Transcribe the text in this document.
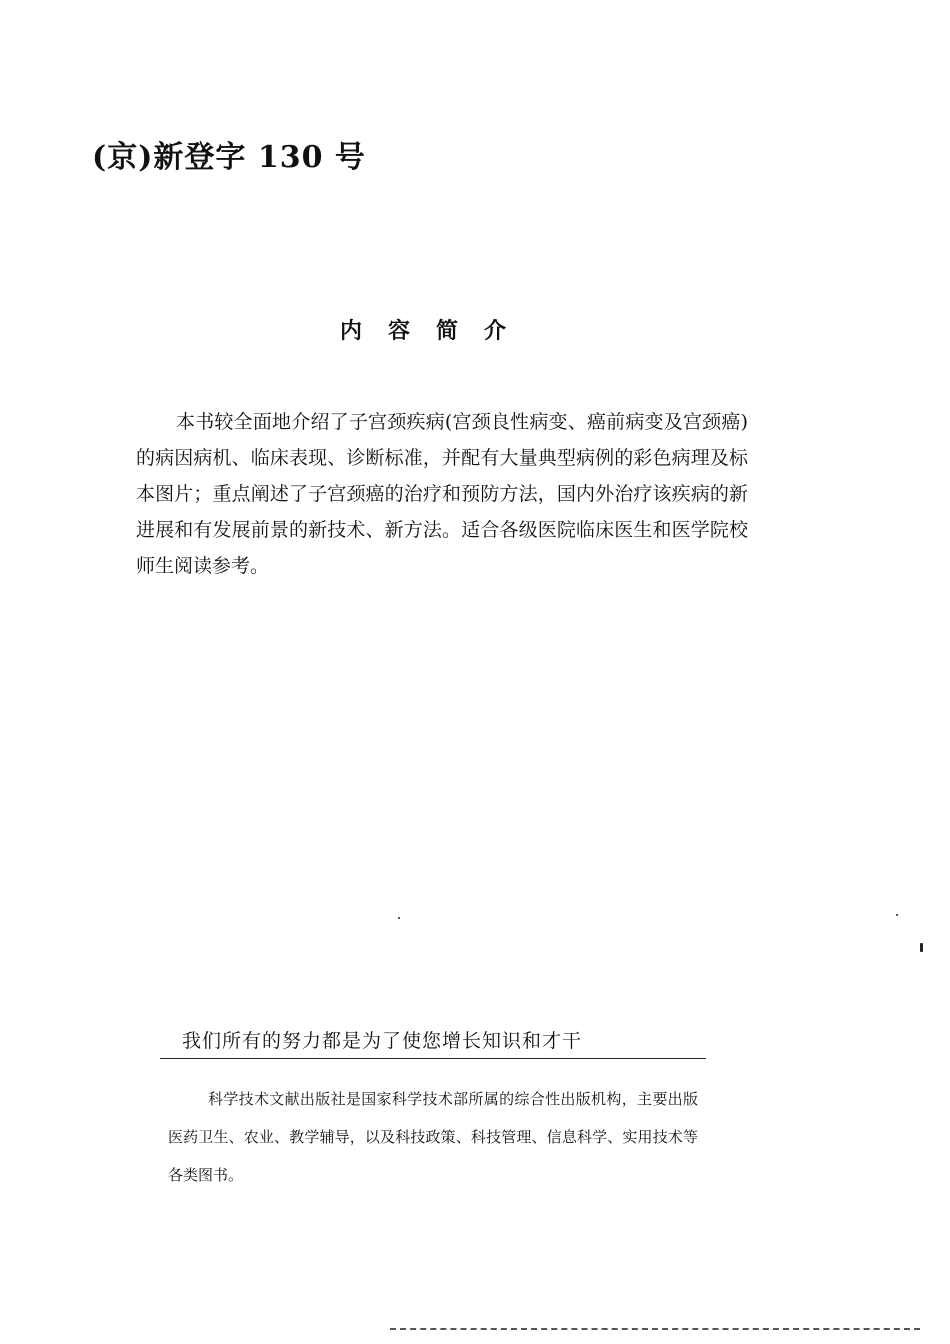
(京)新登字 130 号
内容简介

本书较全面地介绍了子宫颈疾病(宫颈良性病变、癌前病变及宫颈癌)的病因病机、临床表现、诊断标准，并配有大量典型病例的彩色病理及标本图片；重点阐述了子宫颈癌的治疗和预防方法，国内外治疗该疾病的新进展和有发展前景的新技术、新方法。适合各级医院临床医生和医学院校师生阅读参考。

我们所有的努力都是为了使您增长知识和才干

科学技术文献出版社是国家科学技术部所属的综合性出版机构，主要出版医药卫生、农业、教学辅导，以及科技政策、科技管理、信息科学、实用技术等各类图书。
